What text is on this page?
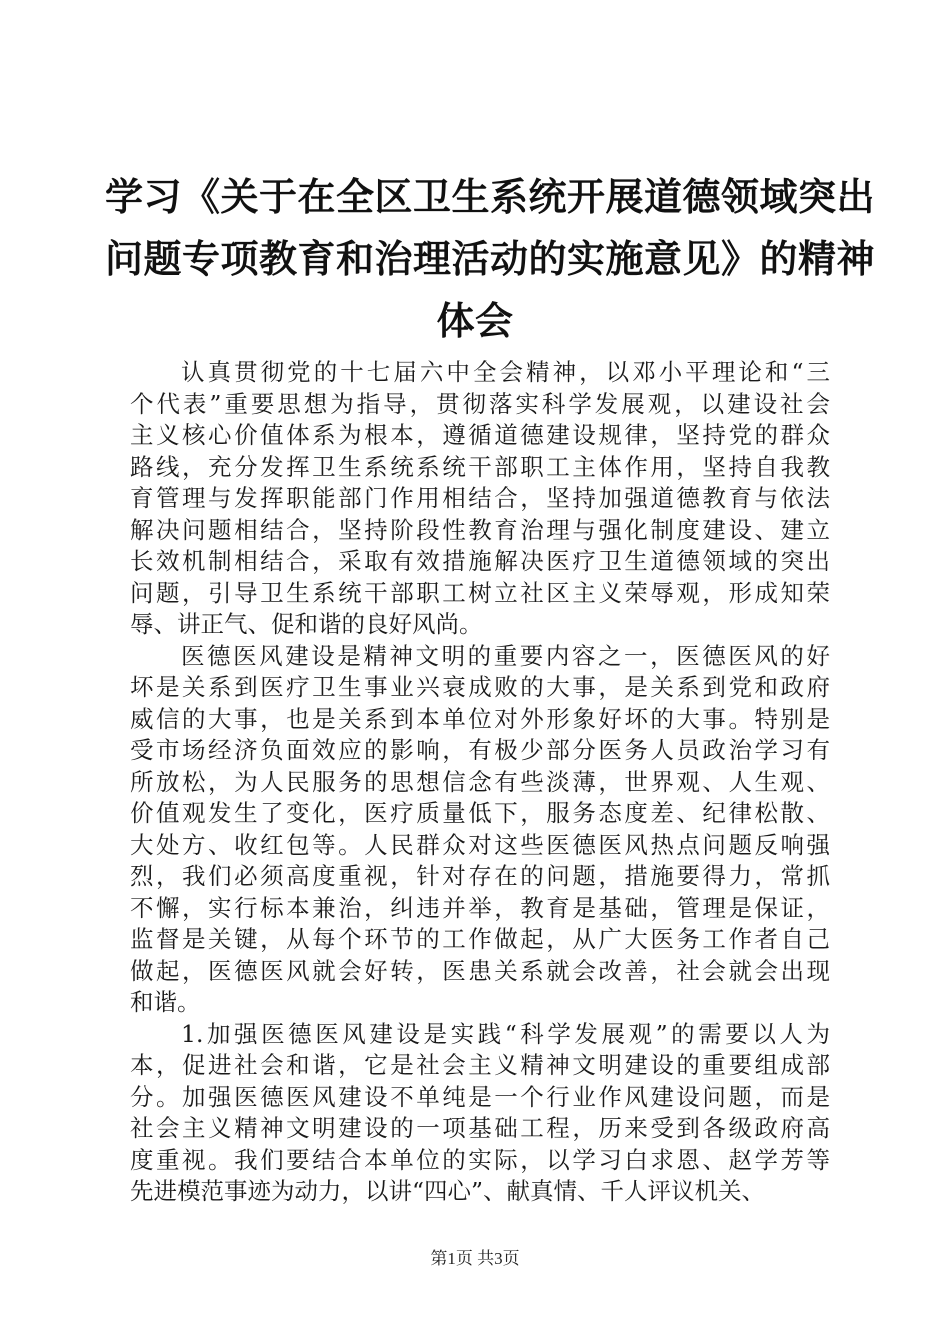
学习《关于在全区卫生系统开展道德领域突出
问题专项教育和治理活动的实施意见》的精神
体会
认真贯彻党的十七届六中全会精神，以邓小平理论和“三
个代表”重要思想为指导，贯彻落实科学发展观，以建设社会
主义核心价值体系为根本，遵循道德建设规律，坚持党的群众
路线，充分发挥卫生系统系统干部职工主体作用，坚持自我教
育管理与发挥职能部门作用相结合，坚持加强道德教育与依法
解决问题相结合，坚持阶段性教育治理与强化制度建设、建立
长效机制相结合，采取有效措施解决医疗卫生道德领域的突出
问题，引导卫生系统干部职工树立社区主义荣辱观，形成知荣
辱、讲正气、促和谐的良好风尚。
医德医风建设是精神文明的重要内容之一，医德医风的好
坏是关系到医疗卫生事业兴衰成败的大事，是关系到党和政府
威信的大事，也是关系到本单位对外形象好坏的大事。特别是
受市场经济负面效应的影响，有极少部分医务人员政治学习有
所放松，为人民服务的思想信念有些淡薄，世界观、人生观、
价值观发生了变化，医疗质量低下，服务态度差、纪律松散、
大处方、收红包等。人民群众对这些医德医风热点问题反响强
烈，我们必须高度重视，针对存在的问题，措施要得力，常抓
不懈，实行标本兼治，纠违并举，教育是基础，管理是保证，
监督是关键，从每个环节的工作做起，从广大医务工作者自己
做起，医德医风就会好转，医患关系就会改善，社会就会出现
和谐。
1.加强医德医风建设是实践“科学发展观”的需要以人为
本，促进社会和谐，它是社会主义精神文明建设的重要组成部
分。加强医德医风建设不单纯是一个行业作风建设问题，而是
社会主义精神文明建设的一项基础工程，历来受到各级政府高
度重视。我们要结合本单位的实际，以学习白求恩、赵学芳等
先进模范事迹为动力，以讲“四心”、献真情、千人评议机关、
第1页 共3页
